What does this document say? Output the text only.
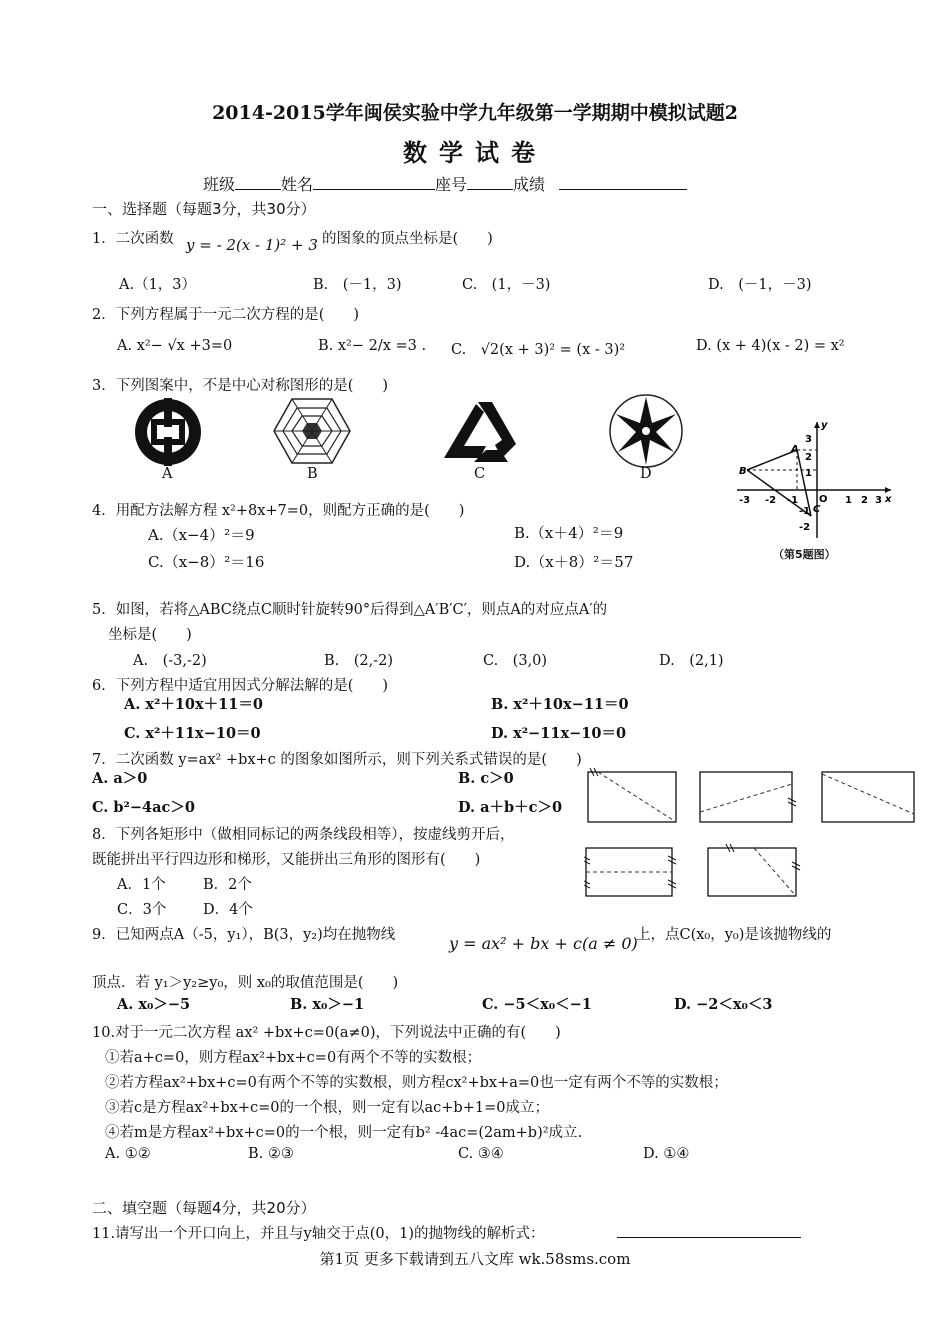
2014-2015学年闽侯实验中学九年级第一学期期中模拟试题2
数学试卷
班级	姓名	座号	成绩
一、选择题（每题3分，共30分）
1．二次函数 y = - 2(x - 1)² + 3 的图象的顶点坐标是(　　)
A.（1，3）	B.　(－1，3)	C.　(1，－3)	D.　(－1，－3)
2．下列方程属于一元二次方程的是(　　)
A. x²− √x +3=0	B. x²− 2/x =3 . C.　√2(x + 3)² = (x - 3)²	D. (x + 4)(x - 2) = x²
3．下列图案中，不是中心对称图形的是(　　)
A	B	C	D
-3 -2 -1 O 1 2 3 x
3
2
1
-1
-2
y
A
B
C
（第5题图）
4．用配方法解方程 x²+8x+7=0，则配方正确的是(　　)
A.（x−4）²＝9	B.（x＋4）²＝9
C.（x−8）²＝16	D.（x＋8）²＝57
5．如图，若将△ABC绕点C顺时针旋转90°后得到△A′B′C′，则点A的对应点A′的
坐标是(　　)
A.　(-3,-2)	B.　(2,-2)	C.　(3,0)	D.　(2,1)
6．下列方程中适宜用因式分解法解的是(　　)
A. x²＋10x＋11＝0	B. x²＋10x−11＝0
C. x²＋11x−10＝0	D. x²−11x−10＝0
7．二次函数 y=ax² +bx+c 的图象如图所示，则下列关系式错误的是(　　)
A. a＞0	B. c＞0
C. b²−4ac＞0	D. a＋b＋c＞0
8．下列各矩形中（做相同标记的两条线段相等），按虚线剪开后，
既能拼出平行四边形和梯形，又能拼出三角形的图形有(　　)
A．1个	B．2个
C．3个	D．4个
9．已知两点A（-5，y₁），B(3，y₂)均在抛物线	y = ax² + bx + c(a ≠ 0)
上，点C(x₀，y₀)是该抛物线的
顶点．若 y₁＞y₂≥y₀，则 x₀的取值范围是(　　)
A. x₀＞−5	B. x₀＞−1	C. −5＜x₀＜−1	D. −2＜x₀＜3
10.对于一元二次方程 ax² +bx+c=0(a≠0)，下列说法中正确的有(　　)
①若a+c=0，则方程ax²+bx+c=0有两个不等的实数根；
②若方程ax²+bx+c=0有两个不等的实数根，则方程cx²+bx+a=0也一定有两个不等的实数根；
③若c是方程ax²+bx+c=0的一个根，则一定有以ac+b+1=0成立；
④若m是方程ax²+bx+c=0的一个根，则一定有b² -4ac=(2am+b)²成立.
A. ①②	B. ②③	C. ③④	D. ①④
二、填空题（每题4分，共20分）
11.请写出一个开口向上，并且与y轴交于点(0，1)的抛物线的解析式：
第1页 更多下载请到五八文库 wk.58sms.com
